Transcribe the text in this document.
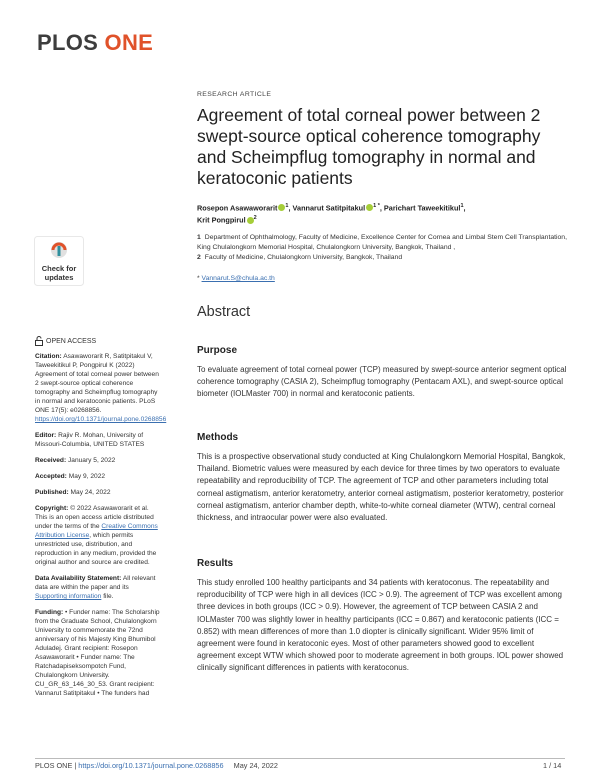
PLOS ONE
Check for
updates
OPEN ACCESS

Citation: Asawaworarit R, Satitpitakul V, Taweekitikul P, Pongpirul K (2022) Agreement of total corneal power between 2 swept-source optical coherence tomography and Scheimpflug tomography in normal and keratoconic patients. PLoS ONE 17(5): e0268856. https://doi.org/10.1371/journal.pone.0268856

Editor: Rajiv R. Mohan, University of Missouri-Columbia, UNITED STATES

Received: January 5, 2022

Accepted: May 9, 2022

Published: May 24, 2022

Copyright: © 2022 Asawaworarit et al. This is an open access article distributed under the terms of the Creative Commons Attribution License, which permits unrestricted use, distribution, and reproduction in any medium, provided the original author and source are credited.

Data Availability Statement: All relevant data are within the paper and its Supporting information file.

Funding: • Funder name: The Scholarship from the Graduate School, Chulalongkorn University to commemorate the 72nd anniversary of his Majesty King Bhumibol Aduladej. Grant recipient: Rosepon Asawaworarit • Funder name: The Ratchadapiseksompotch Fund, Chulalongkorn University. CU_GR_63_146_30_53. Grant recipient: Vannarut Satitpitakul • The funders had

RESEARCH ARTICLE
Agreement of total corneal power between 2 swept-source optical coherence tomography and Scheimpflug tomography in normal and keratoconic patients
Rosepon Asawaworarit $^1$, Vannarut Satitpitakul $^{1 *}$, Parichart Taweekitikul$^1$,
Krit Pongpirul $^2$
1 Department of Ophthalmology, Faculty of Medicine, Excellence Center for Cornea and Limbal Stem Cell Transplantation, King Chulalongkorn Memorial Hospital, Chulalongkorn University, Bangkok, Thailand ,
2 Faculty of Medicine, Chulalongkorn University, Bangkok, Thailand
* Vannarut.S@chula.ac.th
Abstract
Purpose
To evaluate agreement of total corneal power (TCP) measured by swept-source anterior segment optical coherence tomography (CASIA 2), Scheimpflug tomography (Pentacam AXL), and swept-source optical biometer (IOLMaster 700) in normal and keratoconic patients.
Methods
This is a prospective observational study conducted at King Chulalongkorn Memorial Hospital, Bangkok, Thailand. Biometric values were measured by each device for three times by two operators to evaluate repeatability and reproducibility of TCP. The agreement of TCP and other parameters including total corneal astigmatism, anterior keratometry, anterior corneal astigmatism, posterior keratometry, posterior corneal astigmatism, anterior chamber depth, white-to-white corneal diameter (WTW), central corneal thickness, and intraocular power were also evaluated.
Results
This study enrolled 100 healthy participants and 34 patients with keratoconus. The repeatability and reproducibility of TCP were high in all devices (ICC > 0.9). The agreement of TCP was excellent among three devices in both groups (ICC > 0.9). However, the agreement of TCP between CASIA 2 and IOLMaster 700 was slightly lower in healthy participants (ICC = 0.867) and keratoconic patients (ICC = 0.852) with mean differences of more than 1.0 diopter is clinically significant. Wider 95% limit of agreement were found in keratoconic eyes. Most of other parameters showed good to excellent agreement except WTW which showed poor to moderate agreement in both groups. IOL power showed clinically significant differences in patients with keratoconus.
PLOS ONE | https://doi.org/10.1371/journal.pone.0268856 May 24, 2022	1 / 14
